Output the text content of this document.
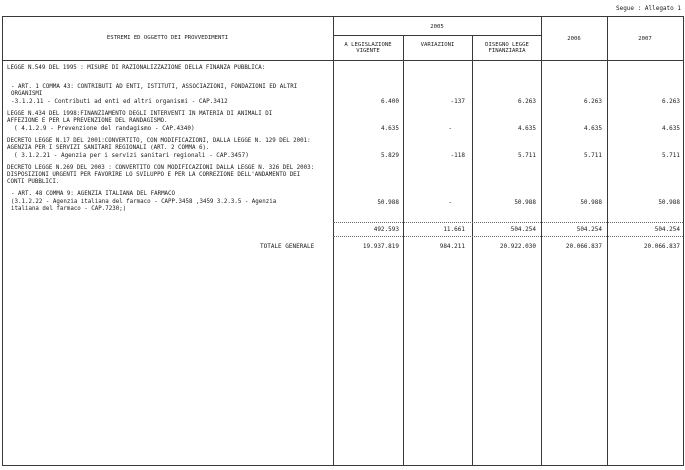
Segue : Allegato 1
ESTREMI ED OGGETTO DEI PROVVEDIMENTI
2005
A LEGISLAZIONE VIGENTE
VARIAZIONI	DISEGNO LEGGE FINANZIARIA
2006	2007
LEGGE N.549 DEL 1995 : MISURE DI RAZIONALIZZAZIONE DELLA FINANZA PUBBLICA:
- ART. 1 COMMA 43: CONTRIBUTI AD ENTI, ISTITUTI, ASSOCIAZIONI, FONDAZIONI ED ALTRI ORGANISMI
-3.1.2.11 - Contributi ad enti ed altri organismi - CAP.3412	6.400	-137	6.263	6.263	6.263
LEGGE N.434 DEL 1998:FINANZIAMENTO DEGLI INTERVENTI IN MATERIA DI ANIMALI DI AFFEZIONE E PER LA PREVENZIONE DEL RANDAGISMO.
( 4.1.2.9 - Prevenzione del randagismo - CAP.4340)	4.635	-	4.635	4.635	4.635
DECRETO LEGGE N.17 DEL 2001:CONVERTITO, CON MODIFICAZIONI, DALLA LEGGE N. 129 DEL 2001: AGENZIA PER I SERVIZI SANITARI REGIONALI (ART. 2 COMMA 6).
( 3.1.2.21 - Agenzia per i servizi sanitari regionali - CAP.3457)	5.829	-118	5.711	5.711	5.711
DECRETO LEGGE N.269 DEL 2003 : CONVERTITO CON MODIFICAZIONI DALLA LEGGE N. 326 DEL 2003: DISPOSIZIONI URGENTI PER FAVORIRE LO SVILUPPO E PER LA CORREZIONE DELL'ANDAMENTO DEI CONTI PUBBLICI.
- ART. 48 COMMA 9: AGENZIA ITALIANA DEL FARMACO
(3.1.2.22 - Agenzia italiana del farmaco - CAPP.3458 ,3459 3.2.3.5 - Agenzia italiana del farmaco - CAP.7230;)
50.988	-	50.988	50.988	50.988
492.593	11.661	504.254	504.254	504.254
TOTALE GENERALE	19.937.819	984.211	20.922.030	20.066.837	20.066.837
